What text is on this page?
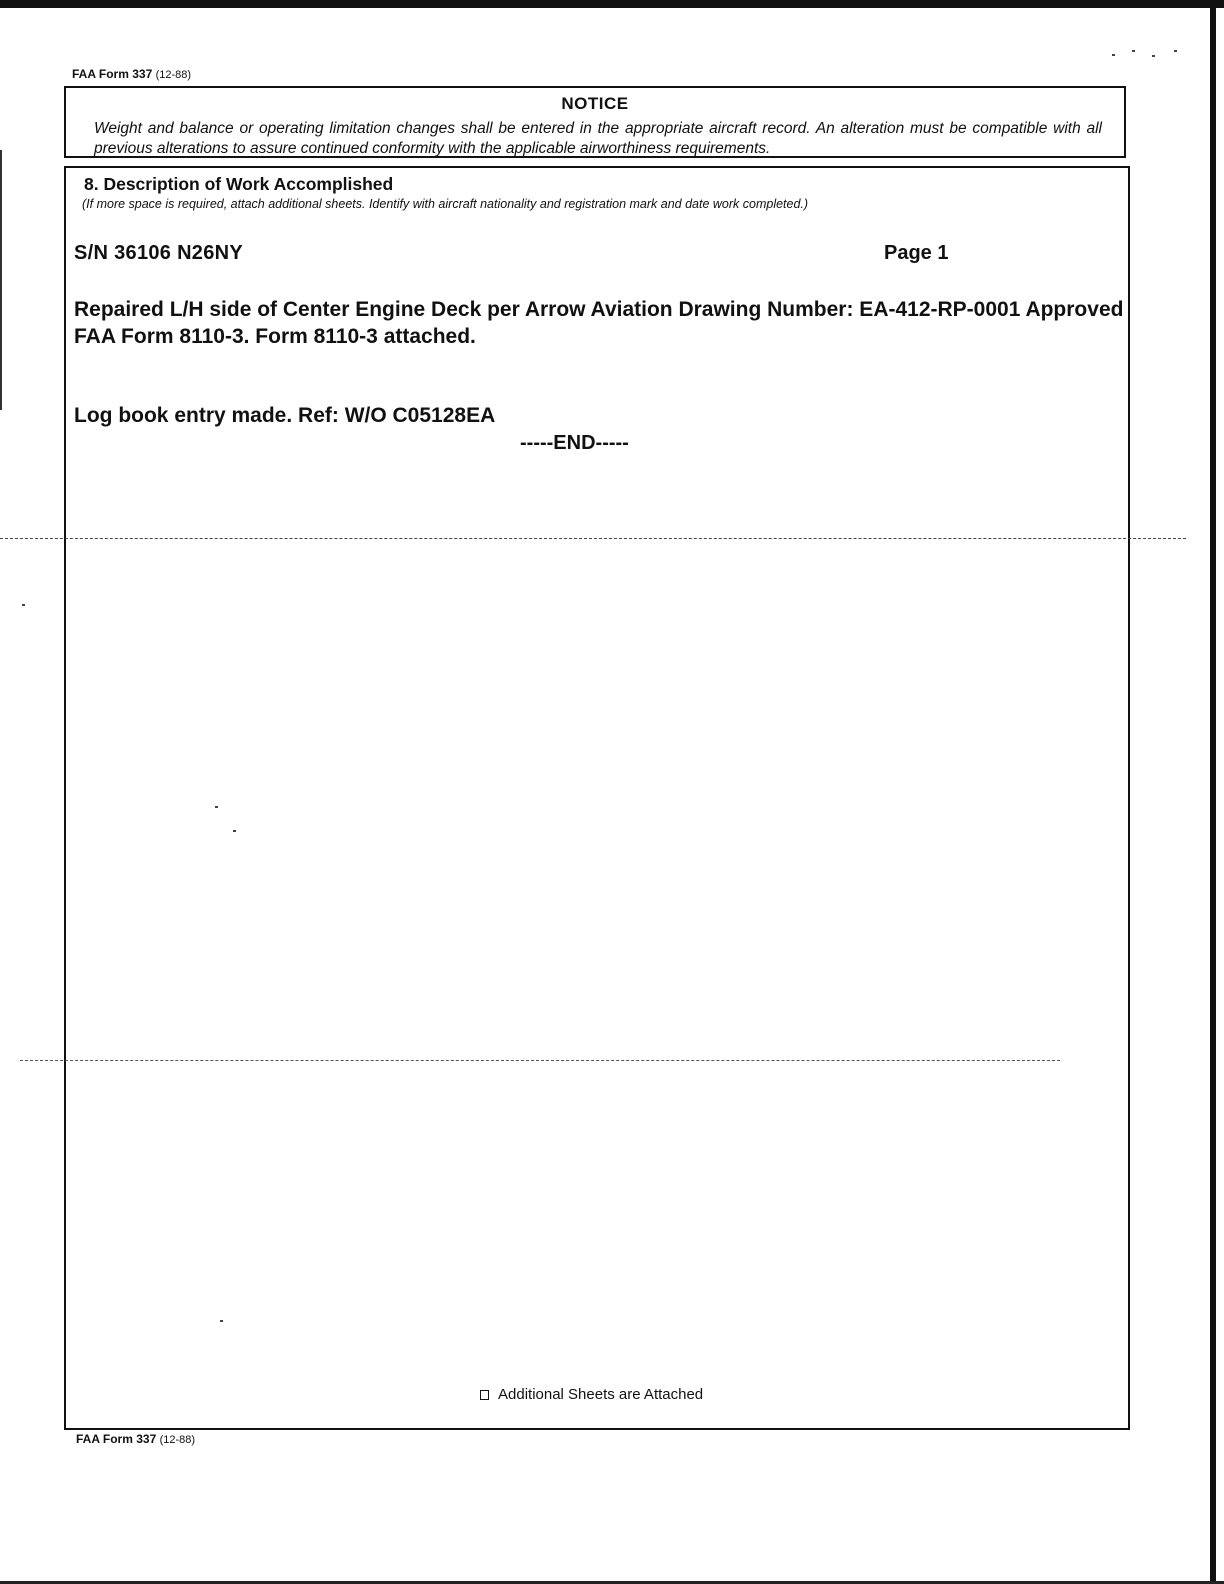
FAA Form 337 (12-88)
NOTICE
Weight and balance or operating limitation changes shall be entered in the appropriate aircraft record. An alteration must be compatible with all previous alterations to assure continued conformity with the applicable airworthiness requirements.
8. Description of Work Accomplished
(If more space is required, attach additional sheets. Identify with aircraft nationality and registration mark and date work completed.)
S/N 36106 N26NY	Page 1
Repaired L/H side of Center Engine Deck per Arrow Aviation Drawing Number: EA-412-RP-0001 Approved FAA Form 8110-3. Form 8110-3 attached.
Log book entry made. Ref: W/O C05128EA
-----END-----
Additional Sheets are Attached
FAA Form 337 (12-88)
